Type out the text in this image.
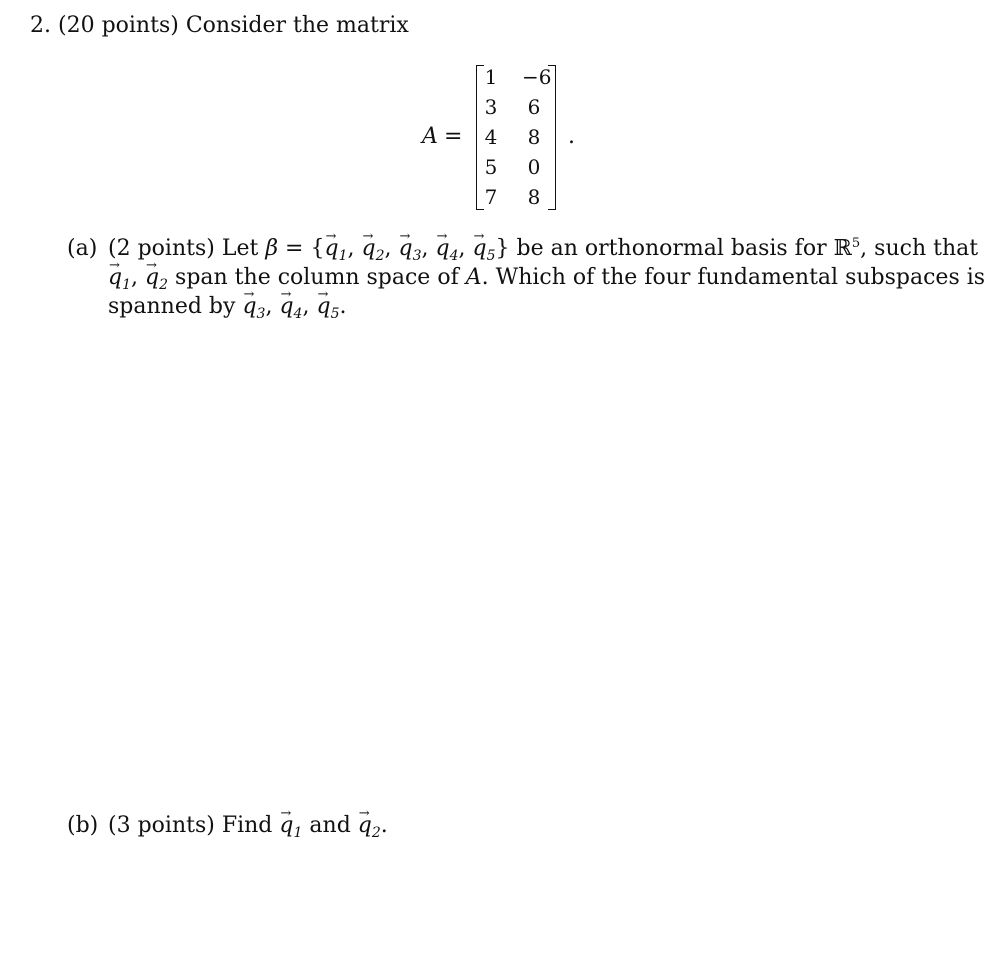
2. (20 points) Consider the matrix
A =
1 −6
3 6
4 8
5 0
7 8
.
(a) (2 points) Let β = {→ $q_1$, → $q_2$, → $q_3$, → $q_4$, → $q_5$} be an orthonormal basis for ℝ$^5$, such that
→ $q_1$, → $q_2$ span the column space of A. Which of the four fundamental subspaces is
spanned by → $q_3$, → $q_4$, → $q_5$.
(b) (3 points) Find → $q_1$ and → $q_2$.
